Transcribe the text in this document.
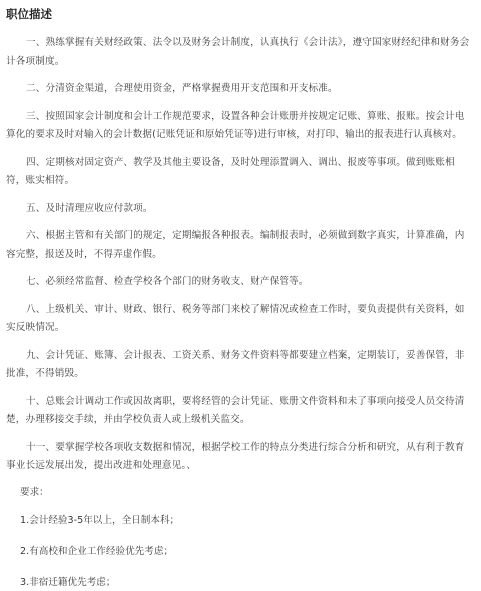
职位描述
一、熟练掌握有关财经政策、法令以及财务会计制度，认真执行《会计法》，遵守国家财经纪律和财务会计各项制度。
二、分清资金渠道，合理使用资金，严格掌握费用开支范围和开支标准。
三、按照国家会计制度和会计工作规范要求，设置各种会计账册并按规定记账、算账、报账。按会计电算化的要求及时对输入的会计数据(记账凭证和原始凭证等)进行审核，对打印、输出的报表进行认真核对。
四、定期核对固定资产、教学及其他主要设备，及时处理添置调入、调出、报废等事项。做到账账相符，账实相符。
五、及时清理应收应付款项。
六、根据主管和有关部门的规定，定期编报各种报表。编制报表时，必须做到数字真实，计算准确，内容完整，报送及时，不得弄虚作假。
七、必须经常监督、检查学校各个部门的财务收支、财产保管等。
八、上级机关、审计、财政、银行、税务等部门来校了解情况或检查工作时，要负责提供有关资料，如实反映情况。
九、会计凭证、账簿、会计报表、工资关系、财务文件资料等都要建立档案，定期装订，妥善保管，非批准，不得销毁。
十、总账会计调动工作或因故离职，要将经管的会计凭证、账册文件资料和未了事项向接受人员交待清楚，办理移接交手续，并由学校负责人或上级机关监交。
十一、要掌握学校各项收支数据和情况，根据学校工作的特点分类进行综合分析和研究，从有利于教育事业长远发展出发，提出改进和处理意见。、
要求：
1.会计经验3-5年以上，全日制本科；
2.有高校和企业工作经验优先考虑；
3.非宿迁籍优先考虑；
